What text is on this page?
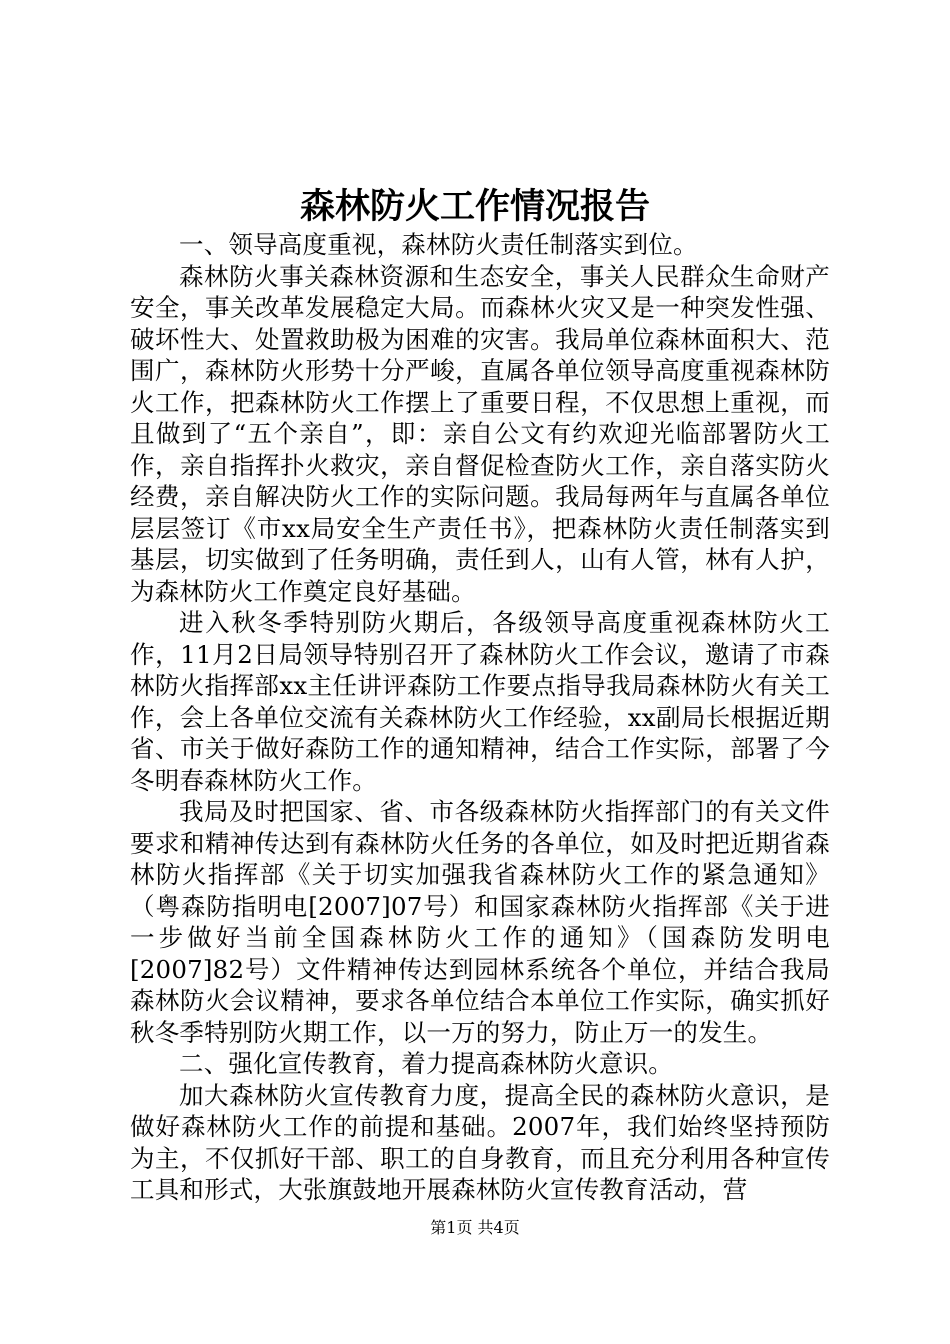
森林防火工作情况报告

一、领导高度重视，森林防火责任制落实到位。

森林防火事关森林资源和生态安全，事关人民群众生命财产安全，事关改革发展稳定大局。而森林火灾又是一种突发性强、破坏性大、处置救助极为困难的灾害。我局单位森林面积大、范围广，森林防火形势十分严峻，直属各单位领导高度重视森林防火工作，把森林防火工作摆上了重要日程，不仅思想上重视，而且做到了“五个亲自”，即：亲自公文有约欢迎光临部署防火工作，亲自指挥扑火救灾，亲自督促检查防火工作，亲自落实防火经费，亲自解决防火工作的实际问题。我局每两年与直属各单位层层签订《市xx局安全生产责任书》，把森林防火责任制落实到基层，切实做到了任务明确，责任到人，山有人管，林有人护，为森林防火工作奠定良好基础。

进入秋冬季特别防火期后，各级领导高度重视森林防火工作，11月2日局领导特别召开了森林防火工作会议，邀请了市森林防火指挥部xx主任讲评森防工作要点指导我局森林防火有关工作，会上各单位交流有关森林防火工作经验，xx副局长根据近期省、市关于做好森防工作的通知精神，结合工作实际，部署了今冬明春森林防火工作。

我局及时把国家、省、市各级森林防火指挥部门的有关文件要求和精神传达到有森林防火任务的各单位，如及时把近期省森林防火指挥部《关于切实加强我省森林防火工作的紧急通知》（粤森防指明电[2007]07号）和国家森林防火指挥部《关于进一步做好当前全国森林防火工作的通知》（国森防发明电[2007]82号）文件精神传达到园林系统各个单位，并结合我局森林防火会议精神，要求各单位结合本单位工作实际，确实抓好秋冬季特别防火期工作，以一万的努力，防止万一的发生。

二、强化宣传教育，着力提高森林防火意识。

加大森林防火宣传教育力度，提高全民的森林防火意识，是做好森林防火工作的前提和基础。2007年，我们始终坚持预防为主，不仅抓好干部、职工的自身教育，而且充分利用各种宣传工具和形式，大张旗鼓地开展森林防火宣传教育活动，营

第1页 共4页
